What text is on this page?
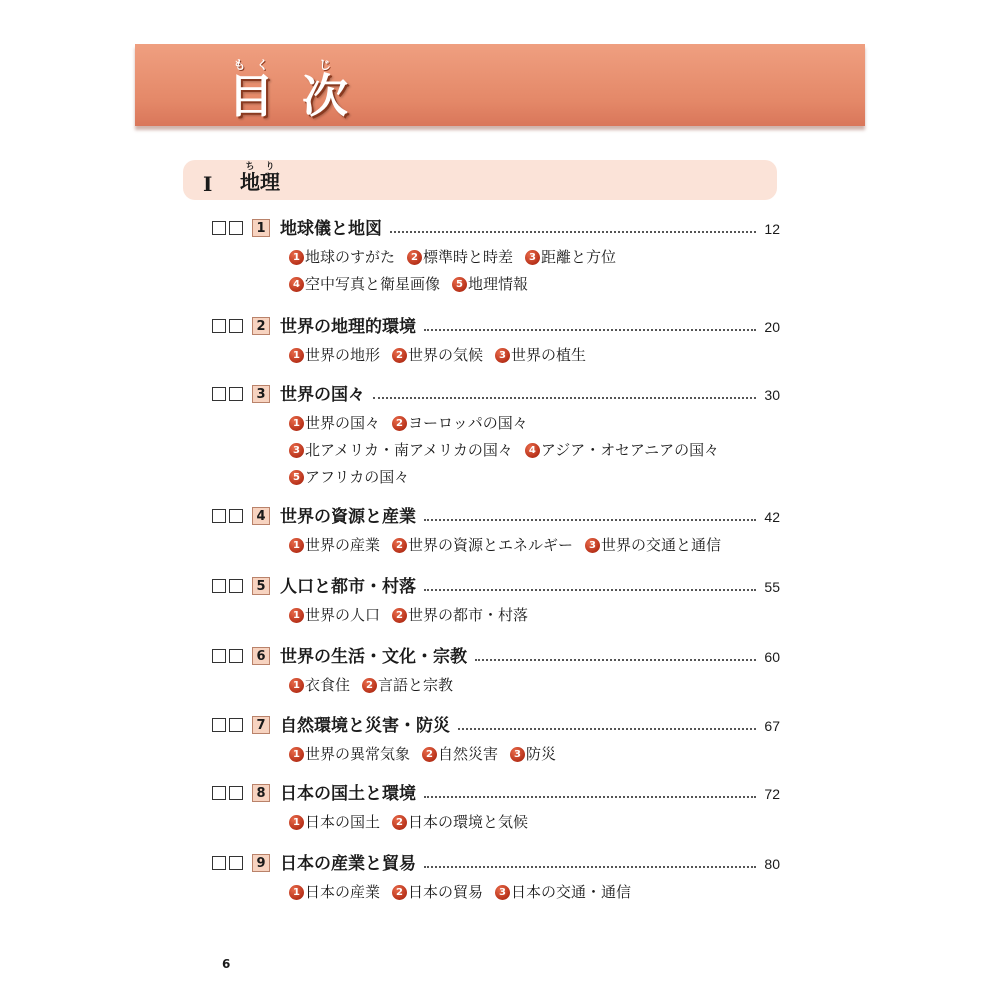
目もく
次じ
Ⅰ 地理ちり
1 地球儀と地図	12
1 地球のすがた	2 標準時と時差	3 距離と方位
4 空中写真と衛星画像	5 地理情報
2 世界の地理的環境	20
1 世界の地形	2 世界の気候	3 世界の植生
3 世界の国々	30
1 世界の国々	2 ヨーロッパの国々
3 北アメリカ・南アメリカの国々	4 アジア・オセアニアの国々
5 アフリカの国々
4 世界の資源と産業	42
1 世界の産業	2 世界の資源とエネルギー	3 世界の交通と通信
5 人口と都市・村落	55
1 世界の人口	2 世界の都市・村落
6 世界の生活・文化・宗教	60
1 衣食住	2 言語と宗教
7 自然環境と災害・防災	67
1 世界の異常気象	2 自然災害	3 防災
8 日本の国土と環境	72
1 日本の国土	2 日本の環境と気候
9 日本の産業と貿易	80
1 日本の産業	2 日本の貿易	3 日本の交通・通信
6
